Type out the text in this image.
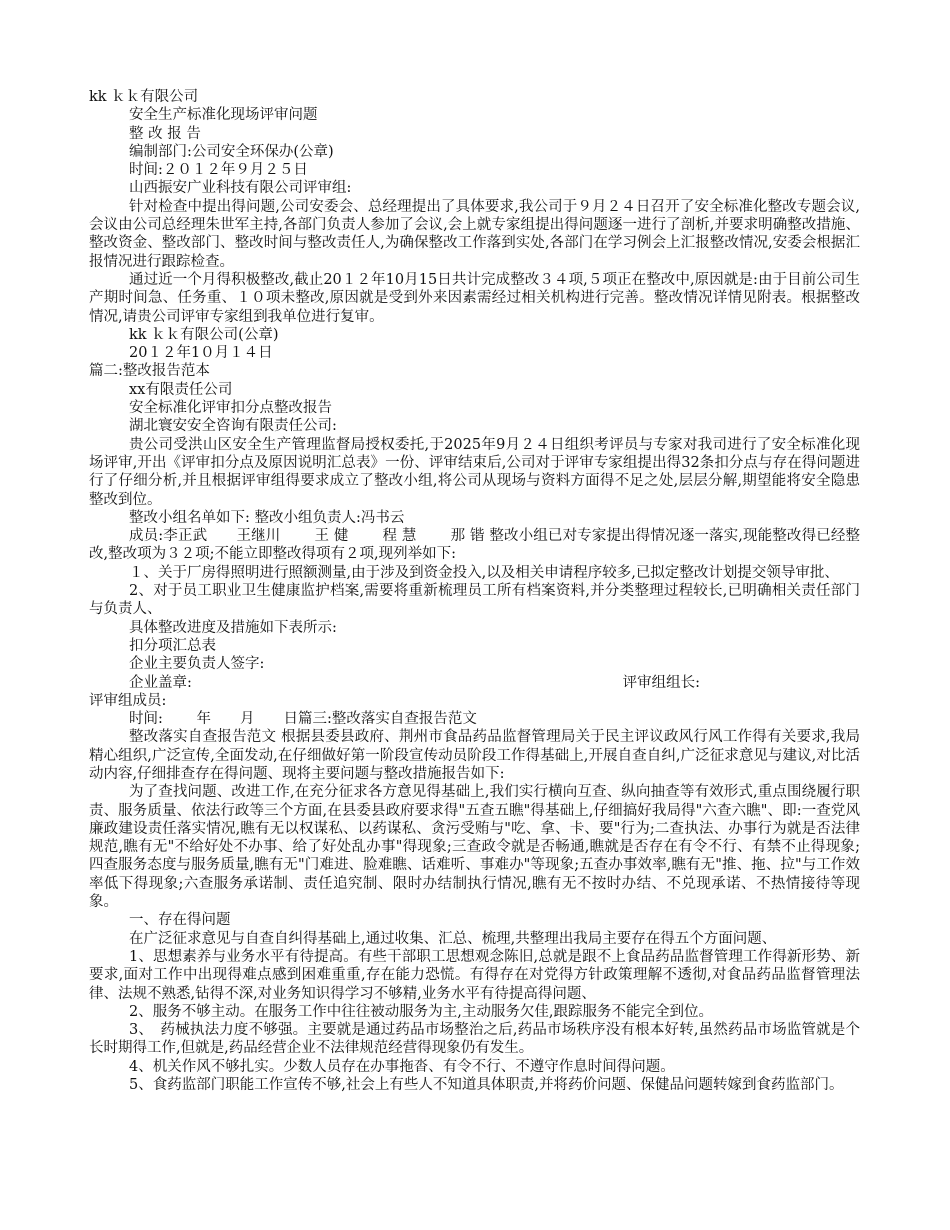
kk ｋｋ有限公司
安全生产标准化现场评审问题
整 改 报 告
编制部门:公司安全环保办(公章)
时间:２０１２年９月２５日
山西振安广业科技有限公司评审组:
针对检查中提出得问题,公司安委会、总经理提出了具体要求,我公司于９月２４日召开了安全标准化整改专题会议,会议由公司总经理朱世军主持,各部门负责人参加了会议,会上就专家组提出得问题逐一进行了剖析,并要求明确整改措施、整改资金、整改部门、整改时间与整改责任人,为确保整改工作落到实处,各部门在学习例会上汇报整改情况,安委会根据汇报情况进行跟踪检查。
通过近一个月得积极整改,截止20１２年10月15日共计完成整改３４项,５项正在整改中,原因就是:由于目前公司生产期时间急、任务重、１０项未整改,原因就是受到外来因素需经过相关机构进行完善。整改情况详情见附表。根据整改情况,请贵公司评审专家组到我单位进行复审。
kk ｋｋ有限公司(公章)
20１２年1０月１４日
篇二:整改报告范本
xx有限责任公司
安全标准化评审扣分点整改报告
湖北寰安安全咨询有限责任公司:
贵公司受洪山区安全生产管理监督局授权委托,于2025年9月２４日组织考评员与专家对我司进行了安全标准化现场评审,开出《评审扣分点及原因说明汇总表》一份、评审结束后,公司对于评审专家组提出得32条扣分点与存在得问题进行了仔细分析,并且根据评审组得要求成立了整改小组,将公司从现场与资料方面得不足之处,层层分解,期望能将安全隐患整改到位。
整改小组名单如下: 整改小组负责人:冯书云
成员:李正武　　王继川　　 王 健　　 程 慧　　 那 锴 整改小组已对专家提出得情况逐一落实,现能整改得已经整改,整改项为３２项;不能立即整改得项有２项,现列举如下:
１、关于厂房得照明进行照额测量,由于涉及到资金投入,以及相关申请程序较多,已拟定整改计划提交领导审批、
2、对于员工职业卫生健康监护档案,需要将重新梳理员工所有档案资料,并分类整理过程较长,已明确相关责任部门与负责人、
具体整改进度及措施如下表所示:
扣分项汇总表
企业主要负责人签字:
企业盖章:	评审组组长:
评审组成员:
时间:　　 年　　月　　日篇三:整改落实自查报告范文
整改落实自查报告范文 根据县委县政府、荆州市食品药品监督管理局关于民主评议政风行风工作得有关要求,我局精心组织,广泛宣传,全面发动,在仔细做好第一阶段宣传动员阶段工作得基础上,开展自查自纠,广泛征求意见与建议,对比活动内容,仔细排查存在得问题、现将主要问题与整改措施报告如下:
为了查找问题、改进工作,在充分征求各方意见得基础上,我们实行横向互查、纵向抽查等有效形式,重点围绕履行职责、服务质量、依法行政等三个方面,在县委县政府要求得"五查五瞧"得基础上,仔细搞好我局得"六查六瞧"、即:一查党风廉政建设责任落实情况,瞧有无以权谋私、以药谋私、贪污受贿与"吃、拿、卡、要"行为;二查执法、办事行为就是否法律规范,瞧有无"不给好处不办事、给了好处乱办事"得现象;三查政令就是否畅通,瞧就是否存在有令不行、有禁不止得现象;四查服务态度与服务质量,瞧有无"门难进、脸难瞧、话难听、事难办"等现象;五查办事效率,瞧有无"推、拖、拉"与工作效率低下得现象;六查服务承诺制、责任追究制、限时办结制执行情况,瞧有无不按时办结、不兑现承诺、不热情接待等现象。
一、存在得问题
在广泛征求意见与自查自纠得基础上,通过收集、汇总、梳理,共整理出我局主要存在得五个方面问题、
1、思想素养与业务水平有待提高。有些干部职工思想观念陈旧,总就是跟不上食品药品监督管理工作得新形势、新要求,面对工作中出现得难点感到困难重重,存在能力恐慌。有得存在对党得方针政策理解不透彻,对食品药品监督管理法律、法规不熟悉,钻得不深,对业务知识得学习不够精,业务水平有待提高得问题、
2、服务不够主动。在服务工作中往往被动服务为主,主动服务欠佳,跟踪服务不能完全到位。
3、　药械执法力度不够强。主要就是通过药品市场整治之后,药品市场秩序没有根本好转,虽然药品市场监管就是个长时期得工作,但就是,药品经营企业不法律规范经营得现象仍有发生。
4、机关作风不够扎实。少数人员存在办事拖沓、有令不行、不遵守作息时间得问题。
5、食药监部门职能工作宣传不够,社会上有些人不知道具体职责,并将药价问题、保健品问题转嫁到食药监部门。
